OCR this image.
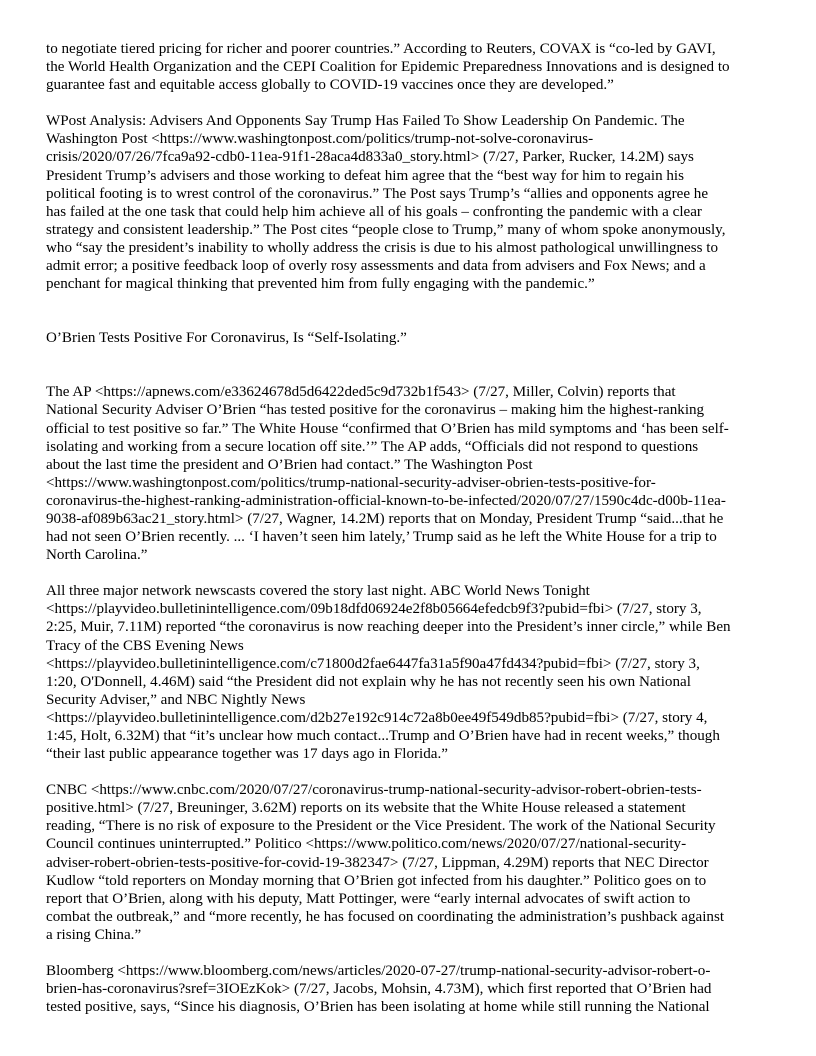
to negotiate tiered pricing for richer and poorer countries.” According to Reuters, COVAX is “co-led by GAVI,
the World Health Organization and the CEPI Coalition for Epidemic Preparedness Innovations and is designed to
guarantee fast and equitable access globally to COVID-19 vaccines once they are developed.”

WPost Analysis: Advisers And Opponents Say Trump Has Failed To Show Leadership On Pandemic. The
Washington Post <https://www.washingtonpost.com/politics/trump-not-solve-coronavirus-
crisis/2020/07/26/7fca9a92-cdb0-11ea-91f1-28aca4d833a0_story.html> (7/27, Parker, Rucker, 14.2M) says
President Trump’s advisers and those working to defeat him agree that the “best way for him to regain his
political footing is to wrest control of the coronavirus.” The Post says Trump’s “allies and opponents agree he
has failed at the one task that could help him achieve all of his goals – confronting the pandemic with a clear
strategy and consistent leadership.” The Post cites “people close to Trump,” many of whom spoke anonymously,
who “say the president’s inability to wholly address the crisis is due to his almost pathological unwillingness to
admit error; a positive feedback loop of overly rosy assessments and data from advisers and Fox News; and a
penchant for magical thinking that prevented him from fully engaging with the pandemic.”

O’Brien Tests Positive For Coronavirus, Is “Self-Isolating.”

The AP <https://apnews.com/e33624678d5d6422ded5c9d732b1f543> (7/27, Miller, Colvin) reports that
National Security Adviser O’Brien “has tested positive for the coronavirus – making him the highest-ranking
official to test positive so far.” The White House “confirmed that O’Brien has mild symptoms and ‘has been self-
isolating and working from a secure location off site.’” The AP adds, “Officials did not respond to questions
about the last time the president and O’Brien had contact.” The Washington Post
<https://www.washingtonpost.com/politics/trump-national-security-adviser-obrien-tests-positive-for-
coronavirus-the-highest-ranking-administration-official-known-to-be-infected/2020/07/27/1590c4dc-d00b-11ea-
9038-af089b63ac21_story.html> (7/27, Wagner, 14.2M) reports that on Monday, President Trump “said...that he
had not seen O’Brien recently. ... ‘I haven’t seen him lately,’ Trump said as he left the White House for a trip to
North Carolina.”

All three major network newscasts covered the story last night. ABC World News Tonight
<https://playvideo.bulletinintelligence.com/09b18dfd06924e2f8b05664efedcb9f3?pubid=fbi> (7/27, story 3,
2:25, Muir, 7.11M) reported “the coronavirus is now reaching deeper into the President’s inner circle,” while Ben
Tracy of the CBS Evening News
<https://playvideo.bulletinintelligence.com/c71800d2fae6447fa31a5f90a47fd434?pubid=fbi> (7/27, story 3,
1:20, O'Donnell, 4.46M) said “the President did not explain why he has not recently seen his own National
Security Adviser,” and NBC Nightly News
<https://playvideo.bulletinintelligence.com/d2b27e192c914c72a8b0ee49f549db85?pubid=fbi> (7/27, story 4,
1:45, Holt, 6.32M) that “it’s unclear how much contact...Trump and O’Brien have had in recent weeks,” though
“their last public appearance together was 17 days ago in Florida.”

CNBC <https://www.cnbc.com/2020/07/27/coronavirus-trump-national-security-advisor-robert-obrien-tests-
positive.html> (7/27, Breuninger, 3.62M) reports on its website that the White House released a statement
reading, “There is no risk of exposure to the President or the Vice President. The work of the National Security
Council continues uninterrupted.” Politico <https://www.politico.com/news/2020/07/27/national-security-
adviser-robert-obrien-tests-positive-for-covid-19-382347> (7/27, Lippman, 4.29M) reports that NEC Director
Kudlow “told reporters on Monday morning that O’Brien got infected from his daughter.” Politico goes on to
report that O’Brien, along with his deputy, Matt Pottinger, were “early internal advocates of swift action to
combat the outbreak,” and “more recently, he has focused on coordinating the administration’s pushback against
a rising China.”

Bloomberg <https://www.bloomberg.com/news/articles/2020-07-27/trump-national-security-advisor-robert-o-
brien-has-coronavirus?sref=3IOEzKok> (7/27, Jacobs, Mohsin, 4.73M), which first reported that O’Brien had
tested positive, says, “Since his diagnosis, O’Brien has been isolating at home while still running the National
